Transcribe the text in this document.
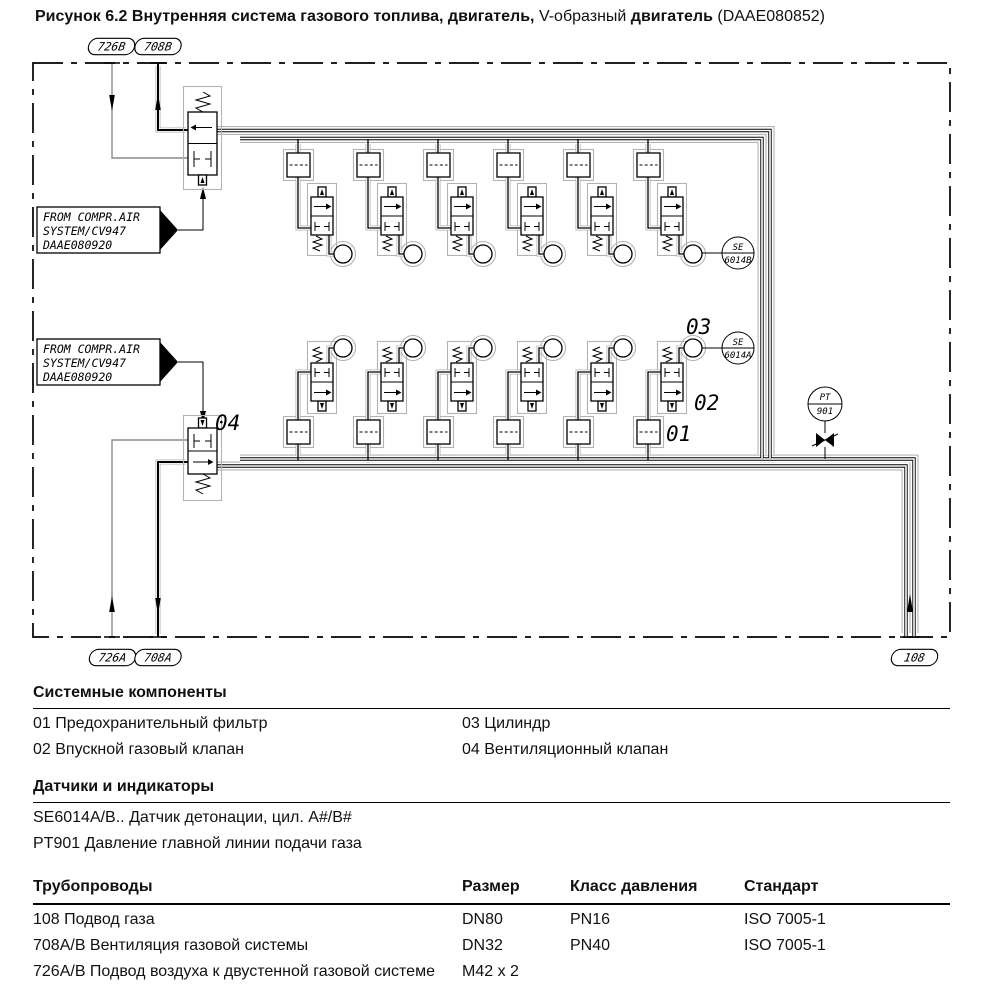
Рисунок 6.2 Внутренняя система газового топлива, двигатель, V-образный двигатель (DAAE080852)
FROM COMPR.AIR
SYSTEM/CV947
DAAE080920
FROM COMPR.AIR
SYSTEM/CV947
DAAE080920
SE
6014B
SE
6014A
PT
901
726B 708B
726A 708A	108
04
03
02
01
Системные компоненты
01 Предохранительный фильтр	03 Цилиндр
02 Впускной газовый клапан	04 Вентиляционный клапан
Датчики и индикаторы
SE6014A/B.. Датчик детонации, цил. A#/B#
PT901 Давление главной линии подачи газа
Трубопроводы	Размер	Класс давления	Стандарт
108 Подвод газа	DN80	PN16	ISO 7005-1
708A/B Вентиляция газовой системы	DN32	PN40	ISO 7005-1
726A/B Подвод воздуха к двустенной газовой системе	M42 x 2
